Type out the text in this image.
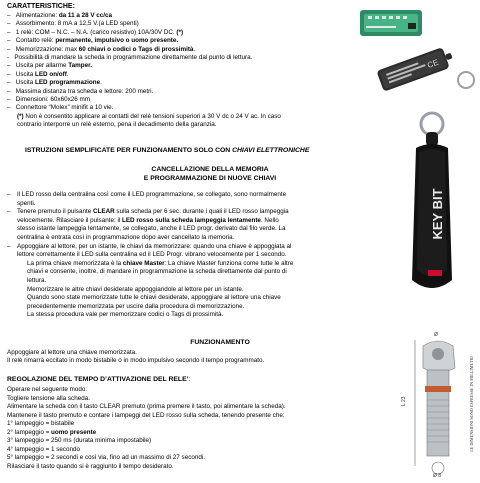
CE
KEY BIT
L 23
Ø
Ø 8
LE DIMENSIONI SONO ESPRESSE IN MILLIMETRI
CARATTERISTICHE:
–   Alimentazione: da 11 a 28 V cc/ca
–   Assorbimento: 8 mA a 12,5 V.(a LED spenti)
–   1 relè: COM – N.C. – N.A. (carico resistivo) 10A/30V DC. (*)
–   Contatto relè: permanente, impulsivo o uomo presente.
–   Memorizzazione: max 60 chiavi o codici o Tags di prossimità.
-   Possibilità di mandare la scheda in programmazione direttamente dal punto di lettura.
–   Uscita per allarme Tamper.
–   Uscita LED on/off.
–   Uscita LED programmazione.
–   Massima distanza tra scheda e lettore: 200 metri.
–   Dimensioni: 60x60x26 mm
–   Connettore “Molex” minifit a 10 vie.
(*) Non è consentito applicare ai contatti del relè tensioni superiori a 30 V dc o 24 V ac. In caso
contrario interporre un relè esterno, pena il decadimento della garanzia.
ISTRUZIONI SEMPLIFICATE PER FUNZIONAMENTO SOLO CON CHIAVI ELETTRONICHE
CANCELLAZIONE DELLA MEMORIA
E PROGRAMMAZIONE DI NUOVE CHIAVI
– Il LED rosso della centralina così come il LED programmazione, se collegato, sono normalmente
spenti.
– Tenere premuto il pulsante CLEAR sulla scheda per 6 sec. durante i quali il LED rosso lampeggia
velocemente. Rilasciare il pulsante: il LED rosso sulla scheda lampeggia lentamente. Nello
stesso istante lampeggia lentamente, se collegato, anche il LED progr. derivato dal filo verde. La
centralina è entrata così in programmazione dopo aver cancellato la memoria.
– Appoggiare al lettore, per un istante, le chiavi da memorizzare: quando una chiave è appoggiata al
lettore correttamente il LED sulla centralina ed il LED Progr. vibrano velocemente per 1 secondo.
La prima chiave memorizzata è la chiave Master: La chiave Master funziona come tutte le altre
chiavi e consente, inoltre, di mandare in programmazione la scheda direttamente dal punto di
lettura.
Memorizzare le altre chiavi desiderate appoggiandole al lettore per un istante.
Quando sono state memorizzate tutte le chiavi desiderate, appoggiare al lettore una chiave
precedentemente memorizzata per uscire dalla procedura di memorizzazione.
La stessa procedura vale per memorizzare codici o Tags di prossimità.
FUNZIONAMENTO
Appoggiare al lettore una chiave memorizzata.
Il relè rimarrà eccitato in modo bistabile o in modo impulsivo secondo il tempo programmato.
REGOLAZIONE DEL TEMPO D’ATTIVAZIONE DEL RELE’:
Operare nel seguente modo:
Togliere tensione alla scheda.
Alimentare la scheda con il tasto CLEAR premuto (prima premere il tasto, poi alimentare la scheda).
Mantenere il tasto premuto e contare i lampeggi del LED rosso sulla scheda, tenendo presente che:
1° lampeggio = bistabile
2° lampeggio = uomo presente
3° lampeggio = 250 ms (durata minima impostabile)
4° lampeggio = 1 secondo
5° lampeggio = 2 secondi e così via, fino ad un massimo di 27 secondi.
Rilasciare il tasto quando si è raggiunto il tempo desiderato.
